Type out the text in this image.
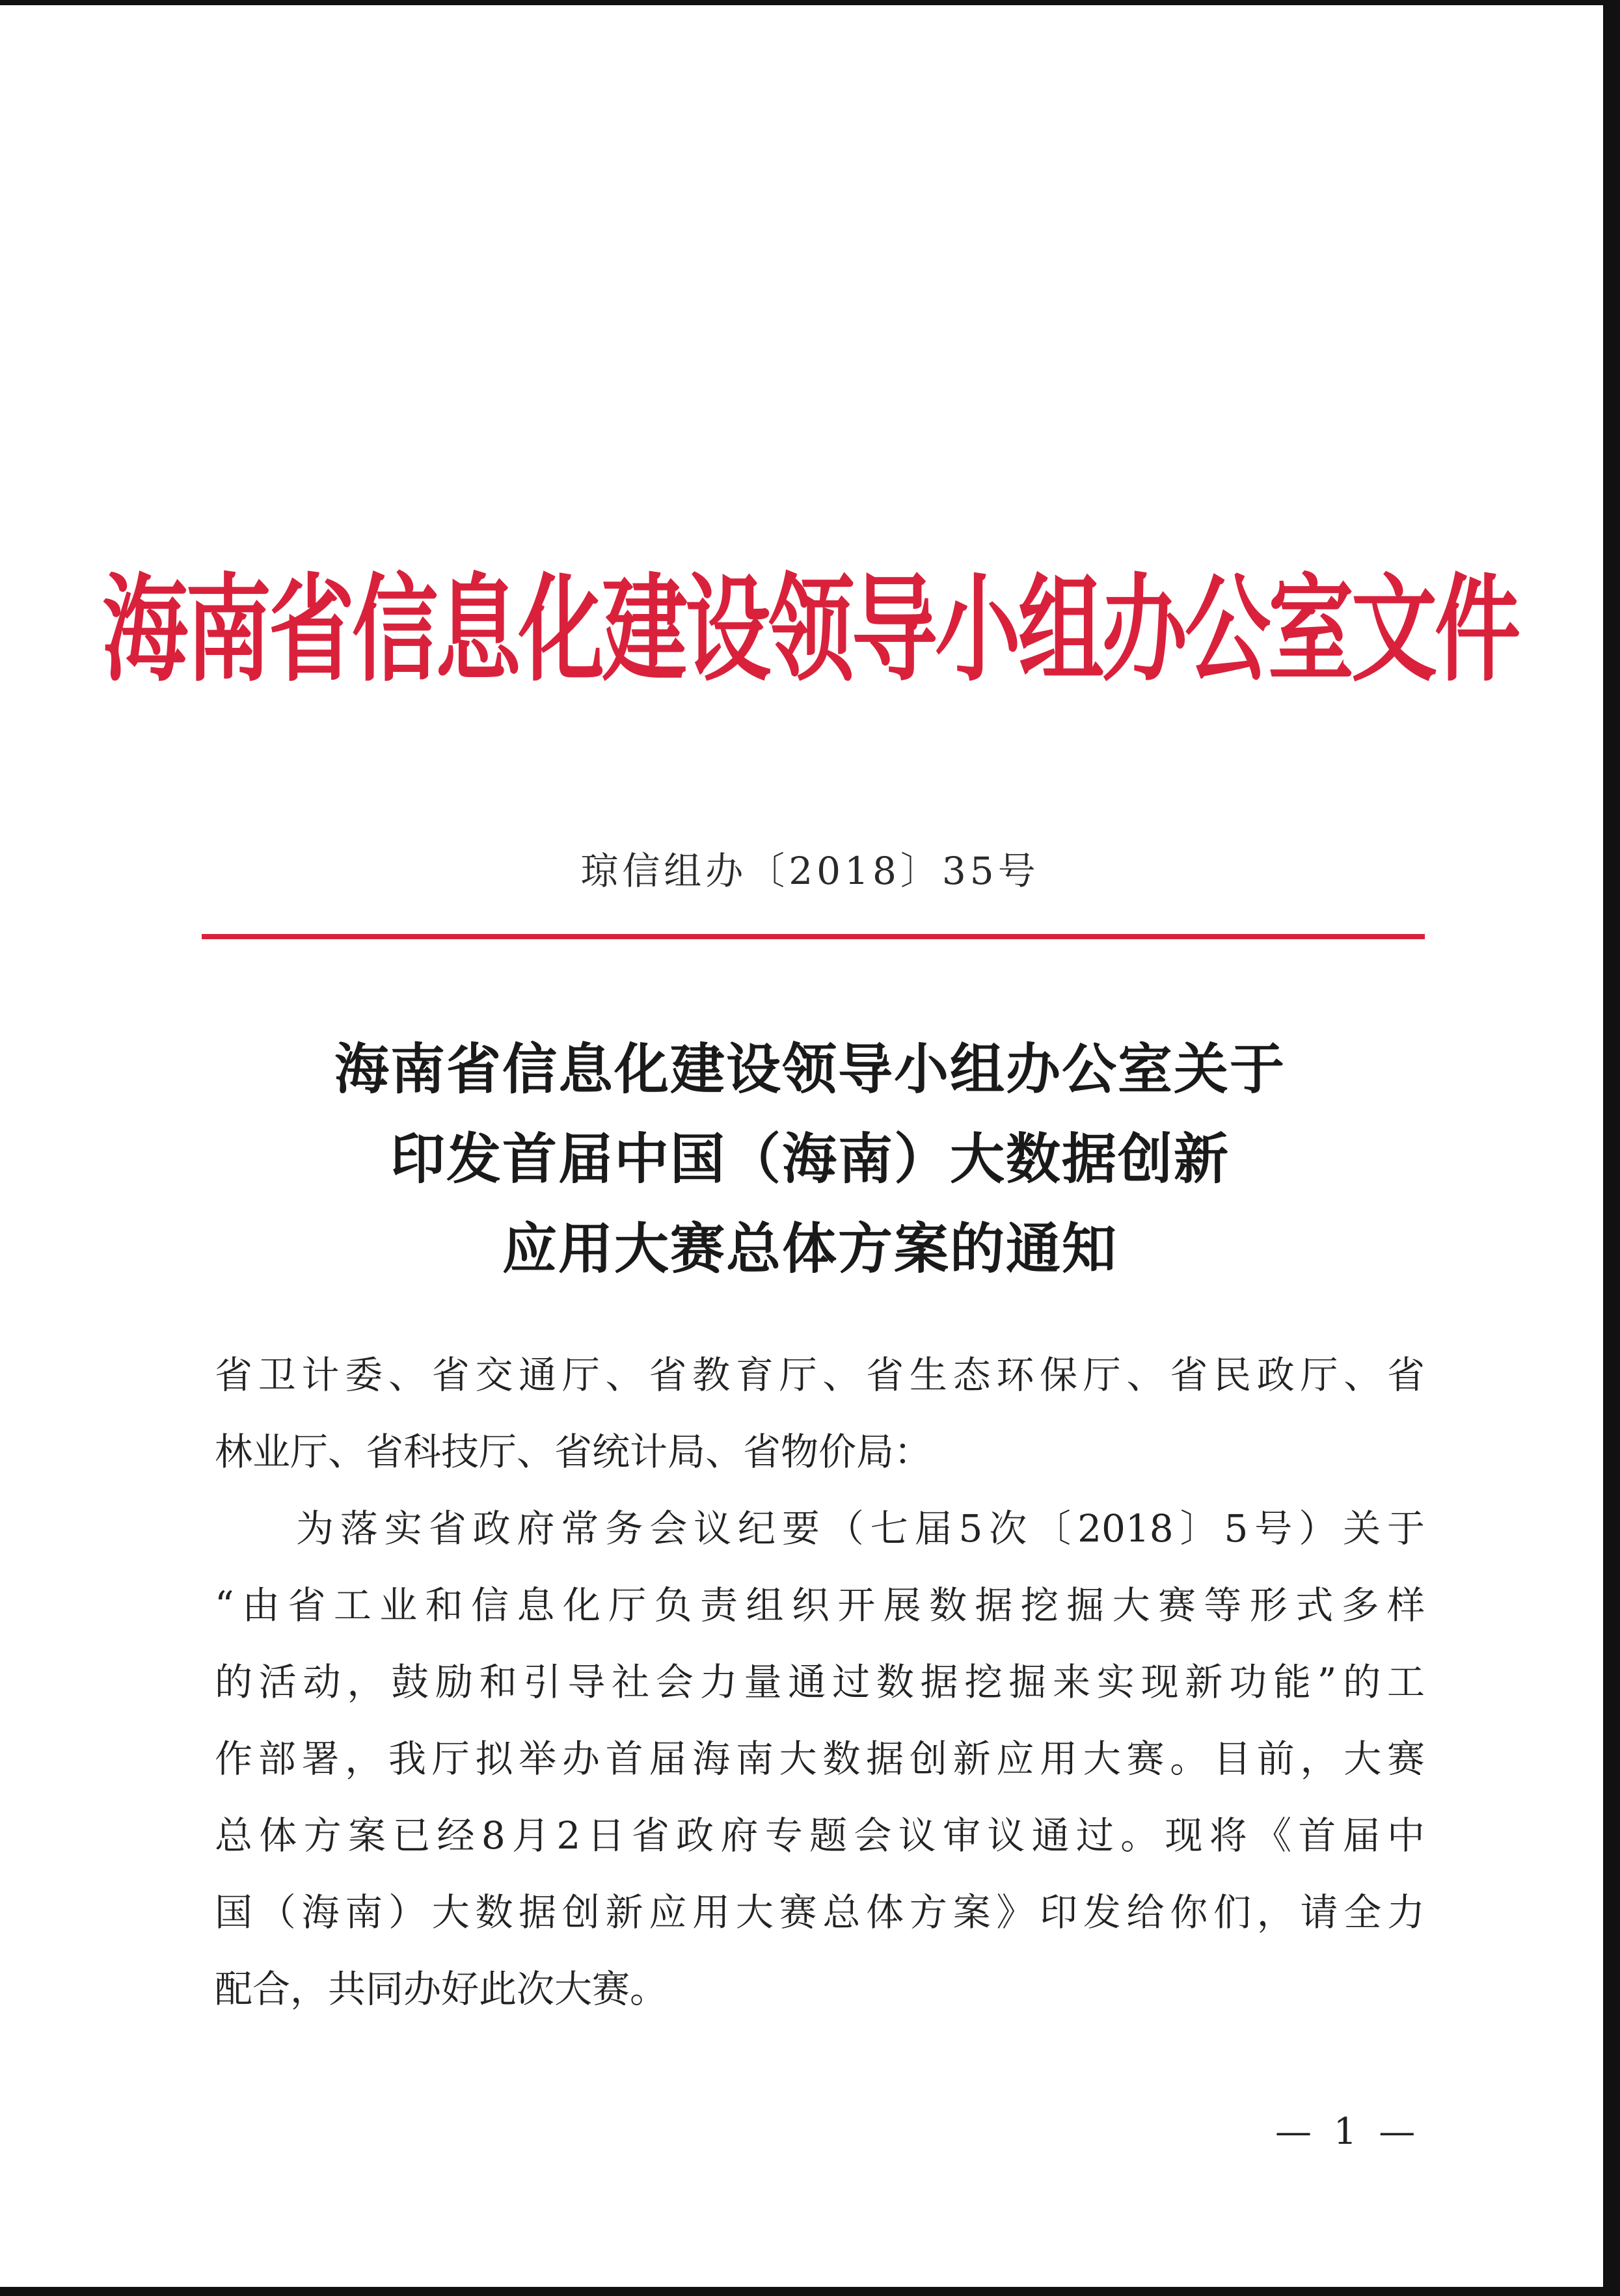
海南省信息化建设领导小组办公室文件
琼信组办〔2018〕35号
海南省信息化建设领导小组办公室关于
印发首届中国（海南）大数据创新
应用大赛总体方案的通知
省卫计委、省交通厅、省教育厅、省生态环保厅、省民政厅、省
林业厅、省科技厅、省统计局、省物价局：
为落实省政府常务会议纪要（七届5次〔2018〕5号）关于
“由省工业和信息化厅负责组织开展数据挖掘大赛等形式多样
的活动，鼓励和引导社会力量通过数据挖掘来实现新功能”的工
作部署，我厅拟举办首届海南大数据创新应用大赛。目前，大赛
总体方案已经8月2日省政府专题会议审议通过。现将《首届中
国（海南）大数据创新应用大赛总体方案》印发给你们，请全力
配合，共同办好此次大赛。
— 1 —
